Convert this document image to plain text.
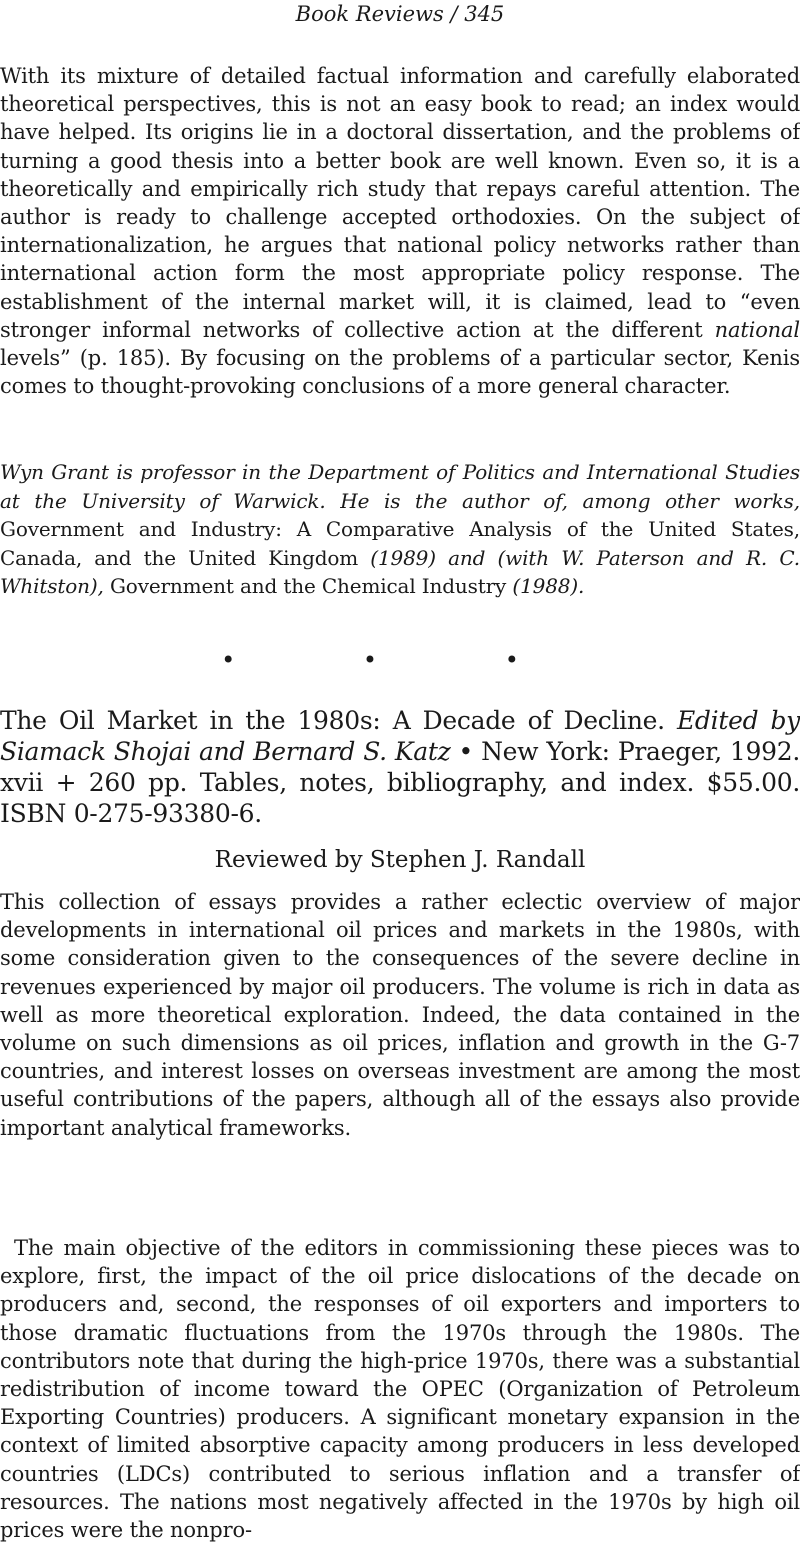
Book Reviews / 345

With its mixture of detailed factual information and carefully elaborated theoretical perspectives, this is not an easy book to read; an index would have helped. Its origins lie in a doctoral dissertation, and the problems of turning a good thesis into a better book are well known. Even so, it is a theoretically and empirically rich study that repays careful attention. The author is ready to challenge accepted orthodoxies. On the subject of internationalization, he argues that national policy networks rather than international action form the most appropriate policy response. The establishment of the internal market will, it is claimed, lead to “even stronger informal networks of collective action at the different national levels” (p. 185). By focusing on the problems of a particular sector, Kenis comes to thought-provoking conclusions of a more general character.

Wyn Grant is professor in the Department of Politics and International Studies at the University of Warwick. He is the author of, among other works, Government and Industry: A Comparative Analysis of the United States, Canada, and the United Kingdom (1989) and (with W. Paterson and R. C. Whitston), Government and the Chemical Industry (1988).

• • •

The Oil Market in the 1980s: A Decade of Decline. Edited by Siamack Shojai and Bernard S. Katz • New York: Praeger, 1992. xvii + 260 pp. Tables, notes, bibliography, and index. $55.00. ISBN 0-275-93380-6.

Reviewed by Stephen J. Randall

This collection of essays provides a rather eclectic overview of major developments in international oil prices and markets in the 1980s, with some consideration given to the consequences of the severe decline in revenues experienced by major oil producers. The volume is rich in data as well as more theoretical exploration. Indeed, the data contained in the volume on such dimensions as oil prices, inflation and growth in the G-7 countries, and interest losses on overseas investment are among the most useful contributions of the papers, although all of the essays also provide important analytical frameworks.

The main objective of the editors in commissioning these pieces was to explore, first, the impact of the oil price dislocations of the decade on producers and, second, the responses of oil exporters and importers to those dramatic fluctuations from the 1970s through the 1980s. The contributors note that during the high-price 1970s, there was a substantial redistribution of income toward the OPEC (Organization of Petroleum Exporting Countries) producers. A significant monetary expansion in the context of limited absorptive capacity among producers in less developed countries (LDCs) contributed to serious inflation and a transfer of resources. The nations most negatively affected in the 1970s by high oil prices were the nonpro-
